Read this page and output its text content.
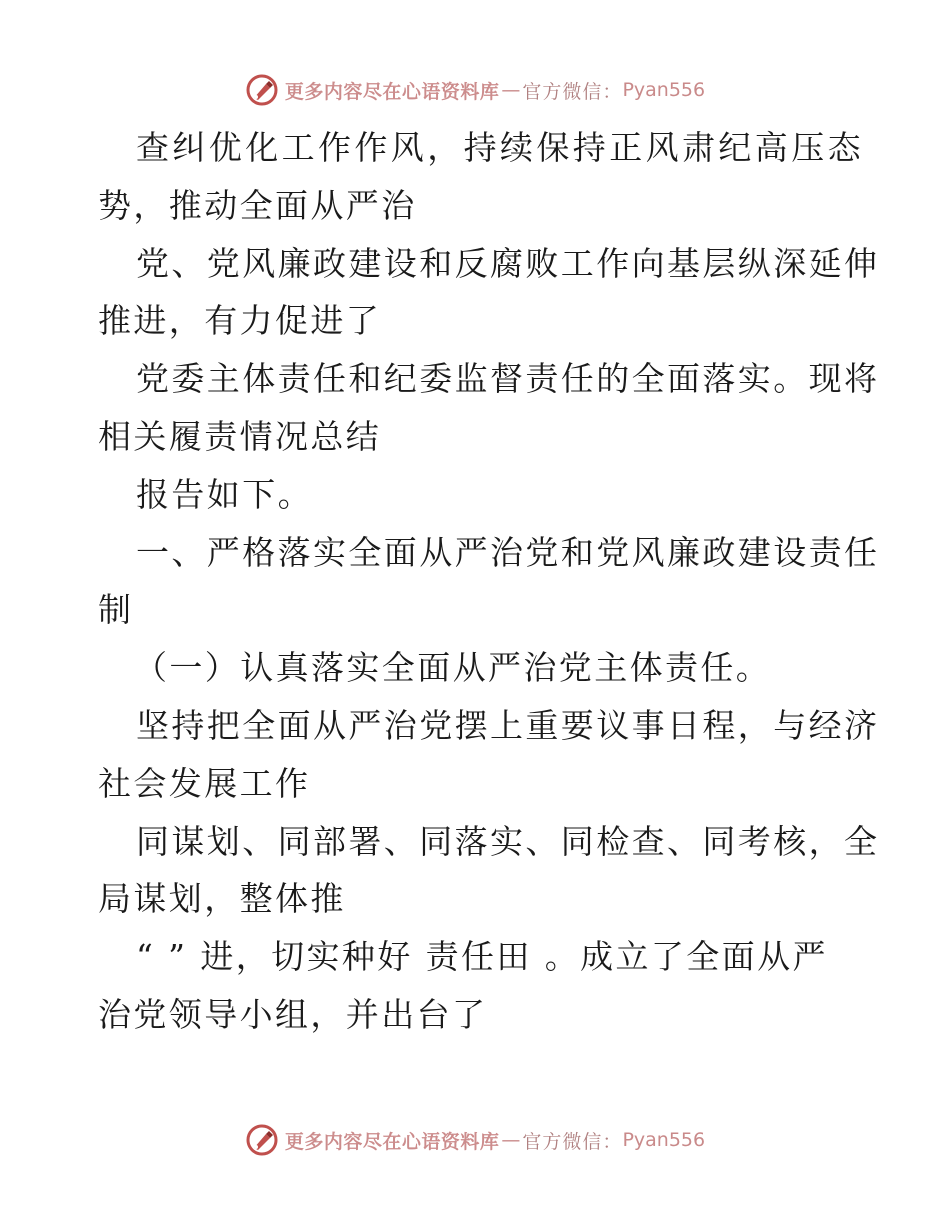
更多内容尽在心语资料库 — 官方微信： Pyan556
查纠优化工作作风，持续保持正风肃纪高压态
势，推动全面从严治
党、党风廉政建设和反腐败工作向基层纵深延伸
推进，有力促进了
党委主体责任和纪委监督责任的全面落实。现将
相关履责情况总结
报告如下。
一、严格落实全面从严治党和党风廉政建设责任
制
（一）认真落实全面从严治党主体责任。
坚持把全面从严治党摆上重要议事日程，与经济
社会发展工作
同谋划、同部署、同落实、同检查、同考核，全
局谋划，整体推
“ ” 进，切实种好 责任田 。成立了全面从严
治党领导小组，并出台了
更多内容尽在心语资料库 — 官方微信： Pyan556
